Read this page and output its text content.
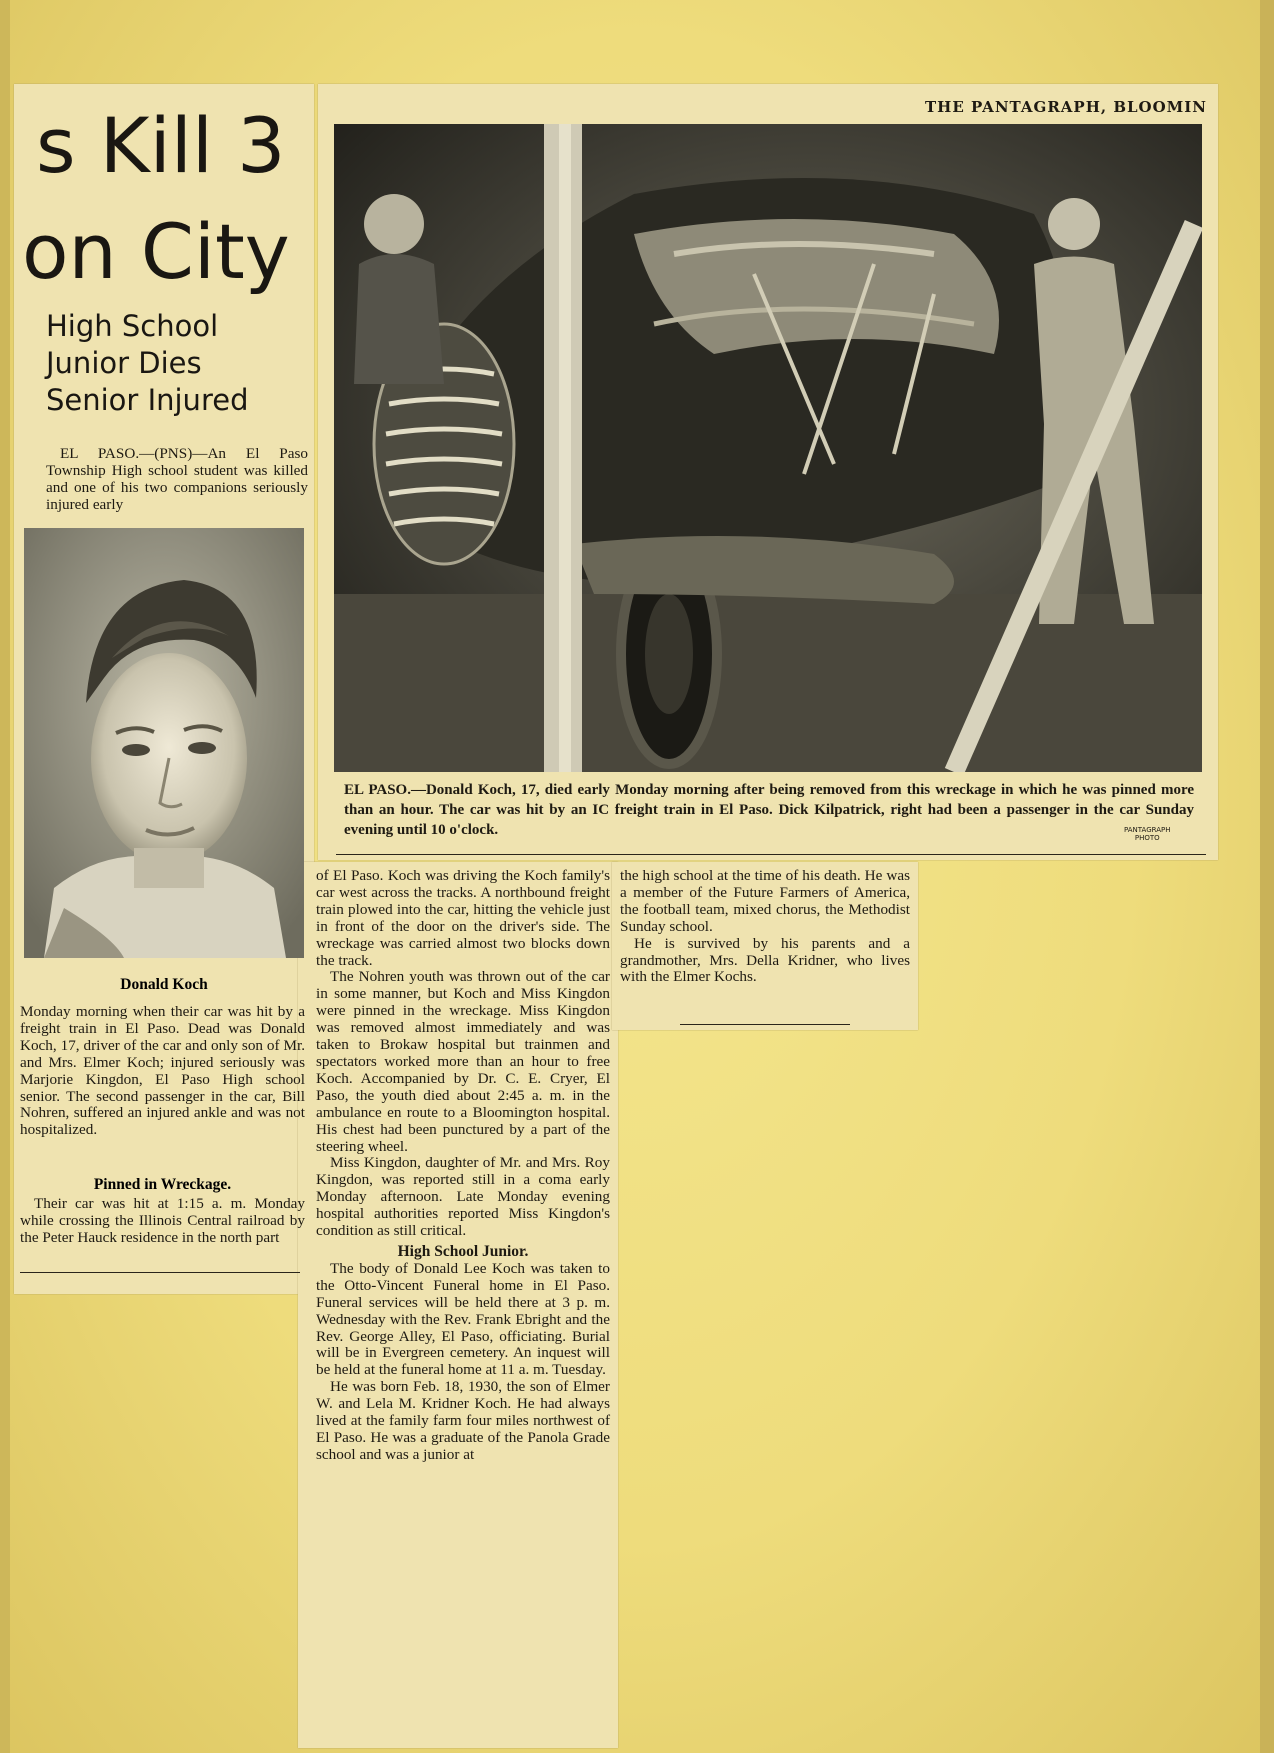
THE PANTAGRAPH, BLOOMIN
s Kill 3
on City
High School
Junior Dies
Senior Injured

EL PASO.—(PNS)—An El Paso Township High school student was killed and one of his two companions seriously injured early

Donald Koch

Monday morning when their car was hit by a freight train in El Paso. Dead was Donald Koch, 17, driver of the car and only son of Mr. and Mrs. Elmer Koch; injured seriously was Marjorie Kingdon, El Paso High school senior. The second passenger in the car, Bill Nohren, suffered an injured ankle and was not hospitalized.

Pinned in Wreckage.

Their car was hit at 1:15 a. m. Monday while crossing the Illinois Central railroad by the Peter Hauck residence in the north part

EL PASO.—Donald Koch, 17, died early Monday morning after being removed from this wreckage in which he was pinned more than an hour. The car was hit by an IC freight train in El Paso. Dick Kilpatrick, right had been a passenger in the car Sunday evening until 10 o'clock.	PANTAGRAPH
PHOTO

of El Paso. Koch was driving the Koch family's car west across the tracks. A northbound freight train plowed into the car, hitting the vehicle just in front of the door on the driver's side. The wreckage was carried almost two blocks down the track.

The Nohren youth was thrown out of the car in some manner, but Koch and Miss Kingdon were pinned in the wreckage. Miss Kingdon was removed almost immediately and was taken to Brokaw hospital but trainmen and spectators worked more than an hour to free Koch. Accompanied by Dr. C. E. Cryer, El Paso, the youth died about 2:45 a. m. in the ambulance en route to a Bloomington hospital. His chest had been punctured by a part of the steering wheel.

Miss Kingdon, daughter of Mr. and Mrs. Roy Kingdon, was reported still in a coma early Monday afternoon. Late Monday evening hospital authorities reported Miss Kingdon's condition as still critical.

High School Junior.

The body of Donald Lee Koch was taken to the Otto-Vincent Funeral home in El Paso. Funeral services will be held there at 3 p. m. Wednesday with the Rev. Frank Ebright and the Rev. George Alley, El Paso, officiating. Burial will be in Evergreen cemetery. An inquest will be held at the funeral home at 11 a. m. Tuesday.

He was born Feb. 18, 1930, the son of Elmer W. and Lela M. Kridner Koch. He had always lived at the family farm four miles northwest of El Paso. He was a graduate of the Panola Grade school and was a junior at

the high school at the time of his death. He was a member of the Future Farmers of America, the football team, mixed chorus, the Methodist Sunday school.

He is survived by his parents and a grandmother, Mrs. Della Kridner, who lives with the Elmer Kochs.
